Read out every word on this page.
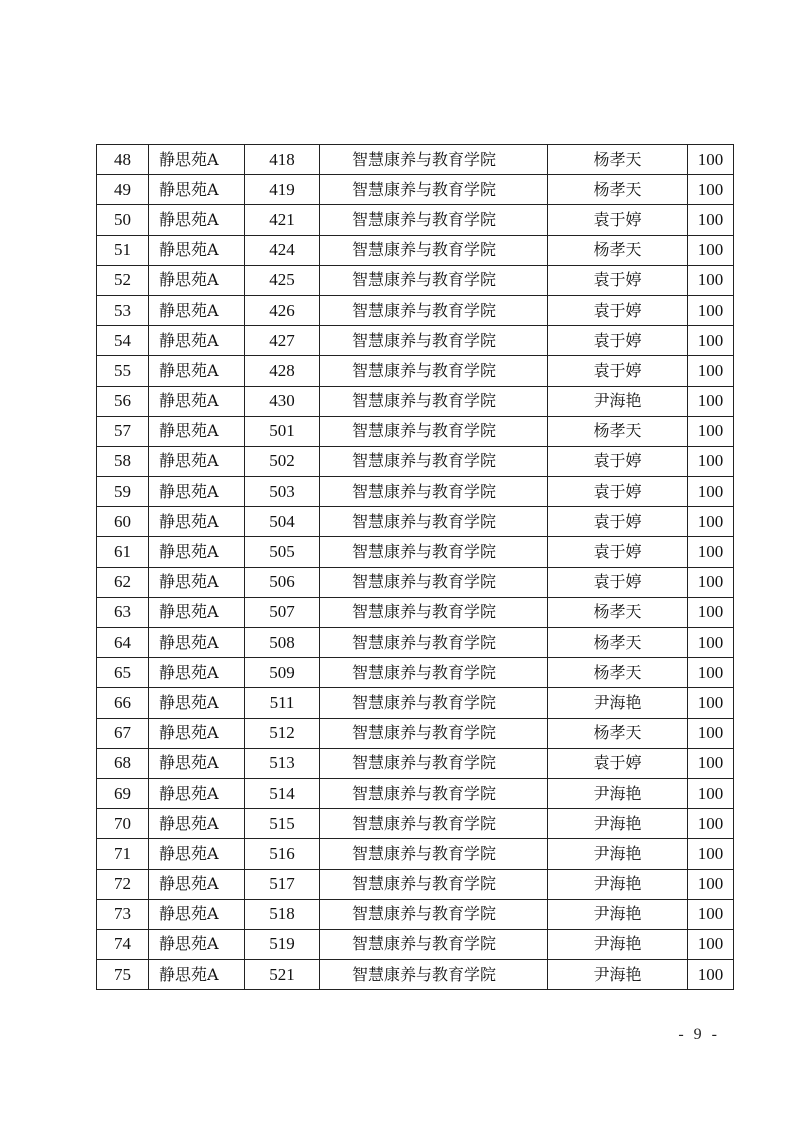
48	静思苑A	418	智慧康养与教育学院	杨孝天	100
49	静思苑A	419	智慧康养与教育学院	杨孝天	100
50	静思苑A	421	智慧康养与教育学院	袁于婷	100
51	静思苑A	424	智慧康养与教育学院	杨孝天	100
52	静思苑A	425	智慧康养与教育学院	袁于婷	100
53	静思苑A	426	智慧康养与教育学院	袁于婷	100
54	静思苑A	427	智慧康养与教育学院	袁于婷	100
55	静思苑A	428	智慧康养与教育学院	袁于婷	100
56	静思苑A	430	智慧康养与教育学院	尹海艳	100
57	静思苑A	501	智慧康养与教育学院	杨孝天	100
58	静思苑A	502	智慧康养与教育学院	袁于婷	100
59	静思苑A	503	智慧康养与教育学院	袁于婷	100
60	静思苑A	504	智慧康养与教育学院	袁于婷	100
61	静思苑A	505	智慧康养与教育学院	袁于婷	100
62	静思苑A	506	智慧康养与教育学院	袁于婷	100
63	静思苑A	507	智慧康养与教育学院	杨孝天	100
64	静思苑A	508	智慧康养与教育学院	杨孝天	100
65	静思苑A	509	智慧康养与教育学院	杨孝天	100
66	静思苑A	511	智慧康养与教育学院	尹海艳	100
67	静思苑A	512	智慧康养与教育学院	杨孝天	100
68	静思苑A	513	智慧康养与教育学院	袁于婷	100
69	静思苑A	514	智慧康养与教育学院	尹海艳	100
70	静思苑A	515	智慧康养与教育学院	尹海艳	100
71	静思苑A	516	智慧康养与教育学院	尹海艳	100
72	静思苑A	517	智慧康养与教育学院	尹海艳	100
73	静思苑A	518	智慧康养与教育学院	尹海艳	100
74	静思苑A	519	智慧康养与教育学院	尹海艳	100
75	静思苑A	521	智慧康养与教育学院	尹海艳	100
- 9 -
